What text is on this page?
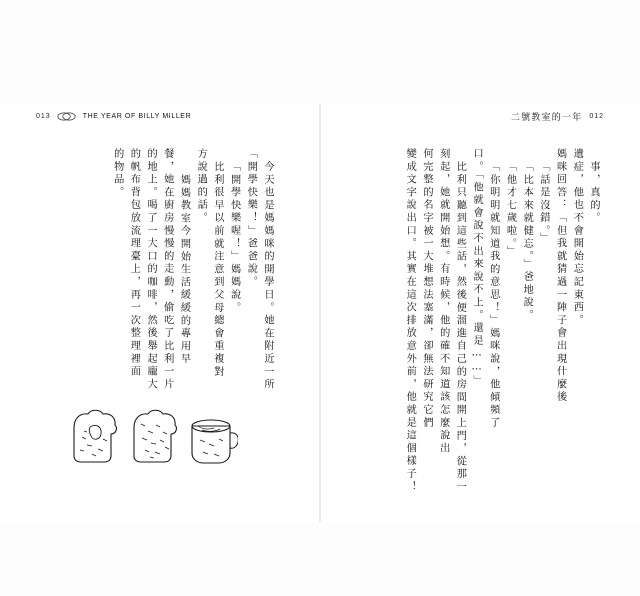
013	THE YEAR OF BILLY MILLER	二號教室的一年 012
今天也是媽媽咪的開學日。她在附近一所
「開學快樂！」爸爸說。
「開學快樂喔！」媽媽說。
比利很早以前就注意到父母總會重複對
方說過的話。
媽媽教室今開始生活緩緩的專用早
餐，她在廚房慢慢的走動，偷吃了比利一片
的地上。喝了一大口的咖啡，然後舉起龐大
的帆布背包放流理臺上，再一次整理裡面
的物品。	事，真的。
遺症，他也不會開始忘記東西。
媽咪回答：「但我就猜過一陣子會出現什麼後
「話是沒錯。」
「比本來就健忘。」爸地說。
「他才七歲啦。」
「你明明就知道我的意思！」媽咪說，他傾頻了
口。「他就會說不出來說不上。還是……」
比利只聽到這些話，然後便溜進自己的房間開上門，從那一
刻起，她就開始想。有時候，他的確不知道該怎麼說出
何完整的名字被一大堆想法塞滿，卻無法研究它們
變成文字說出口。其實在這次排放意外前，他就是這個樣子！
